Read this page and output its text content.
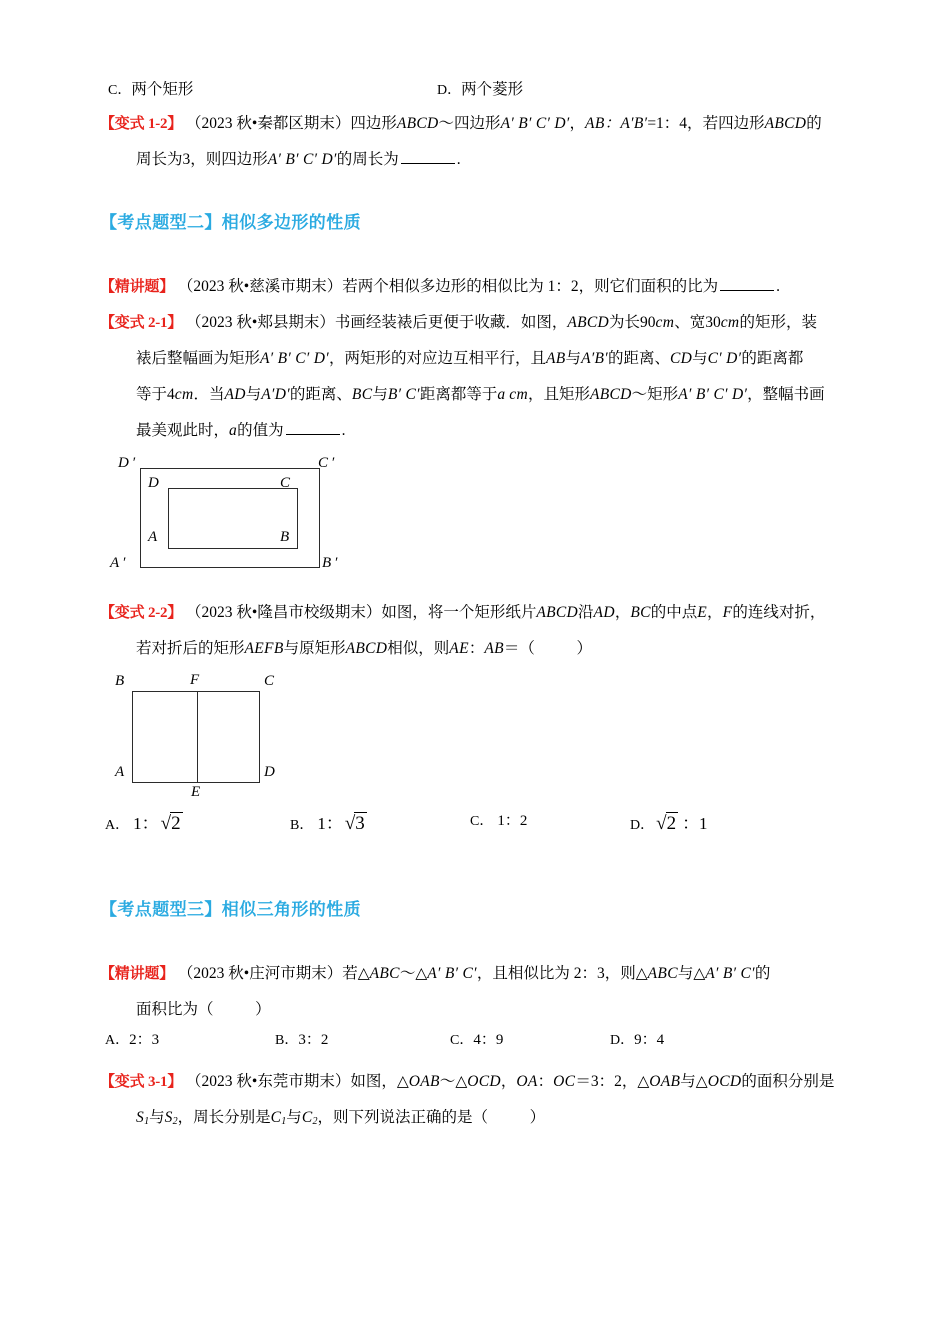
C．两个矩形	D．两个菱形
【变式 1-2】 （2023 秋•秦都区期末）四边形ABCD～四边形A′ B′ C′ D′，AB：A′B′=1：4，若四边形ABCD的
周长为3，则四边形A′ B′ C′ D′的周长为	.
【考点题型二】相似多边形的性质
【精讲题】 （2023 秋•慈溪市期末）若两个相似多边形的相似比为 1：2，则它们面积的比为	.
【变式 2-1】 （2023 秋•郏县期末）书画经装裱后更便于收藏．如图，ABCD为长90cm、宽30cm的矩形，装
裱后整幅画为矩形A′ B′ C′ D′，两矩形的对应边互相平行，且AB与A′B′的距离、CD与C′ D′的距离都
等于4cm．当AD与A′D′的距离、BC与B′ C′距离都等于a cm，且矩形ABCD～矩形A′ B′ C′ D′，整幅书画
最美观此时，a的值为	.
D ′	C ′
D	C
A	B
A ′	B ′
【变式 2-2】 （2023 秋•隆昌市校级期末）如图，将一个矩形纸片ABCD沿AD，BC的中点E，F的连线对折，
若对折后的矩形AEFB与原矩形ABCD相似，则AE：AB＝（	）
B	F	C
A
E
D
A． 1： √2	B． 1： √3	C． 1：2	D． √2 ：1
【考点题型三】相似三角形的性质
【精讲题】 （2023 秋•庄河市期末）若△ABC～△A′ B′ C′，且相似比为 2：3，则△ABC与△A′ B′ C′的
面积比为（	）
A．2：3	B．3：2	C．4：9	D．9：4
【变式 3-1】 （2023 秋•东莞市期末）如图，△OAB～△OCD，OA：OC＝3：2，△OAB与△OCD的面积分别是
$S_1$与$S_2$，周长分别是$C_1$与$C_2$，则下列说法正确的是（	）
